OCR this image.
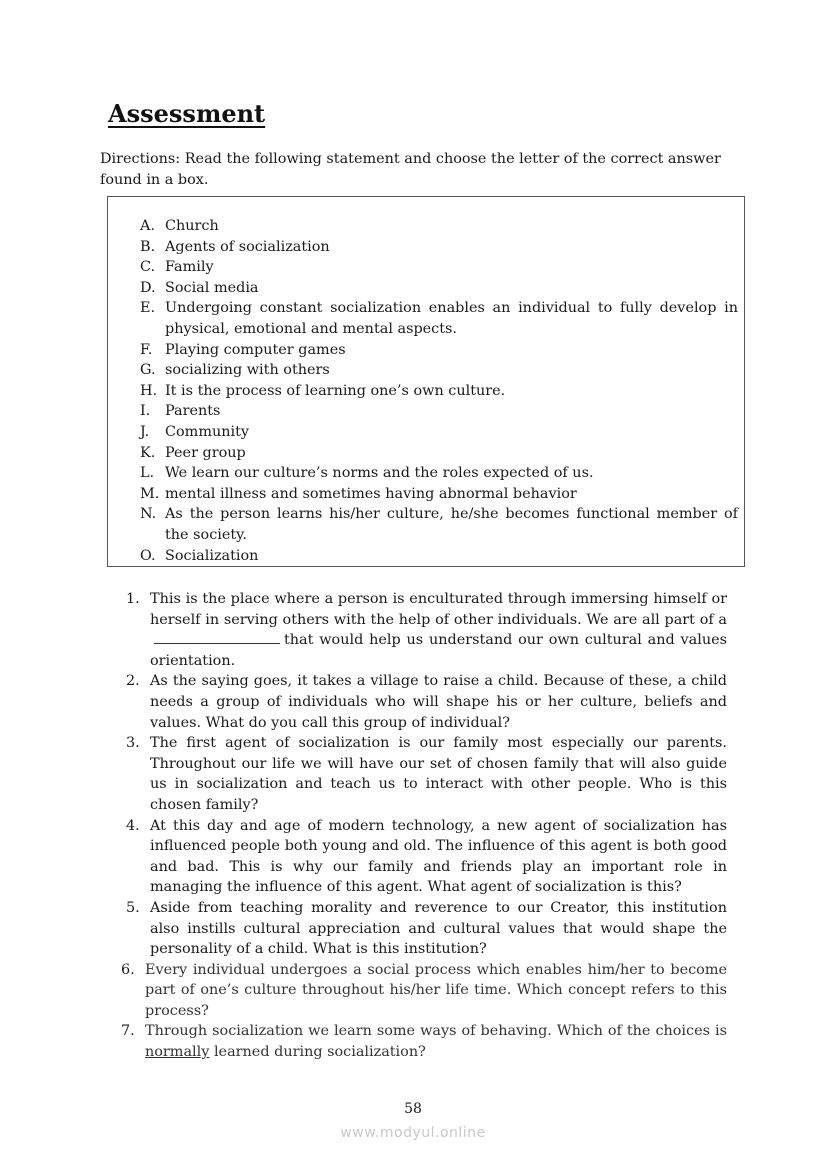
Assessment
Directions: Read the following statement and choose the letter of the correct answer found in a box.
A. Church
B. Agents of socialization
C. Family
D. Social media
E. Undergoing constant socialization enables an individual to fully develop in physical, emotional and mental aspects.
F. Playing computer games
G. socializing with others
H. It is the process of learning one’s own culture.
I.	Parents
J.	Community
K. Peer group
L. We learn our culture’s norms and the roles expected of us.
M. mental illness and sometimes having abnormal behavior
N. As the person learns his/her culture, he/she becomes functional member of the society.
O. Socialization
1. This is the place where a person is enculturated through immersing himself or herself in serving others with the help of other individuals. We are all part of athat would help us understand our own cultural and values orientation.
2. As the saying goes, it takes a village to raise a child. Because of these, a child needs a group of individuals who will shape his or her culture, beliefs and values. What do you call this group of individual?
3. The first agent of socialization is our family most especially our parents. Throughout our life we will have our set of chosen family that will also guide us in socialization and teach us to interact with other people. Who is this chosen family?
4. At this day and age of modern technology, a new agent of socialization has influenced people both young and old. The influence of this agent is both good and bad. This is why our family and friends play an important role in managing the influence of this agent. What agent of socialization is this?
5. Aside from teaching morality and reverence to our Creator, this institution also instills cultural appreciation and cultural values that would shape the personality of a child. What is this institution?
6. Every individual undergoes a social process which enables him/her to become part of one’s culture throughout his/her life time. Which concept refers to this process?
7. Through socialization we learn some ways of behaving. Which of the choices is normally learned during socialization?
58
www.modyul.online
